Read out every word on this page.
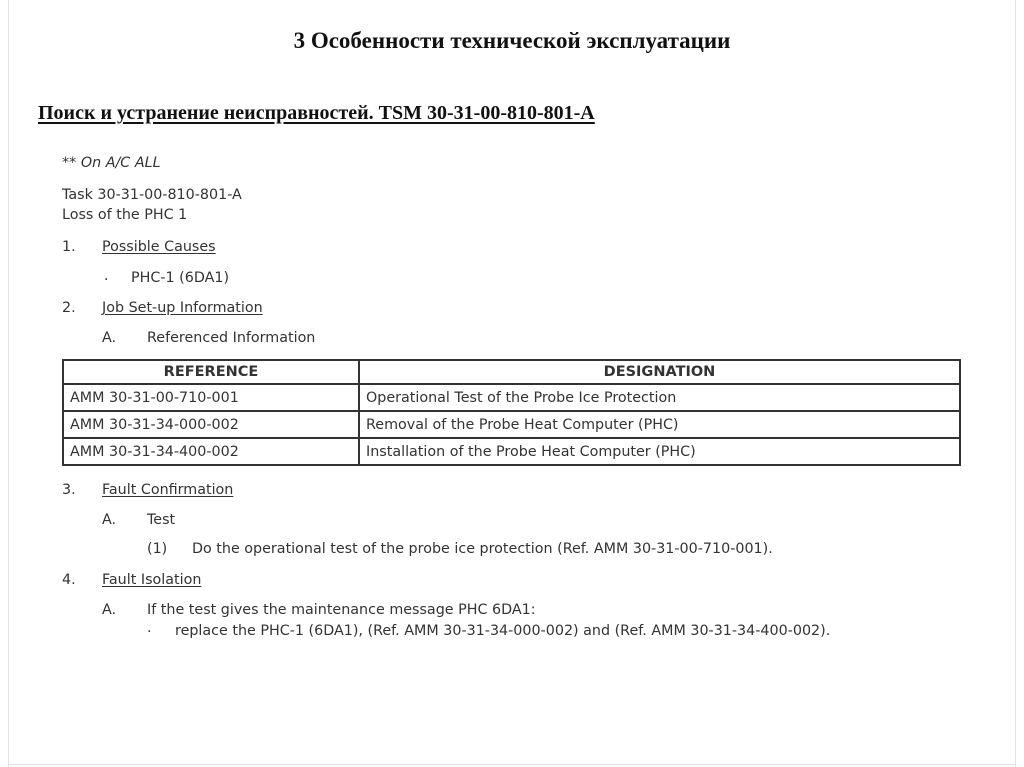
3 Особенности технической эксплуатации
Поиск и устранение неисправностей. TSM 30-31-00-810-801-A
** On A/C ALL
Task 30-31-00-810-801-A
Loss of the PHC 1
1. Possible Causes
. PHC-1 (6DA1)
2. Job Set-up Information
A. Referenced Information
REFERENCE	DESIGNATION
AMM 30-31-00-710-001	Operational Test of the Probe Ice Protection
AMM 30-31-34-000-002	Removal of the Probe Heat Computer (PHC)
AMM 30-31-34-400-002	Installation of the Probe Heat Computer (PHC)
3. Fault Confirmation
A. Test
(1) Do the operational test of the probe ice protection (Ref. AMM 30-31-00-710-001).
4. Fault Isolation
A. If the test gives the maintenance message PHC 6DA1:
. replace the PHC-1 (6DA1), (Ref. AMM 30-31-34-000-002) and (Ref. AMM 30-31-34-400-002).
